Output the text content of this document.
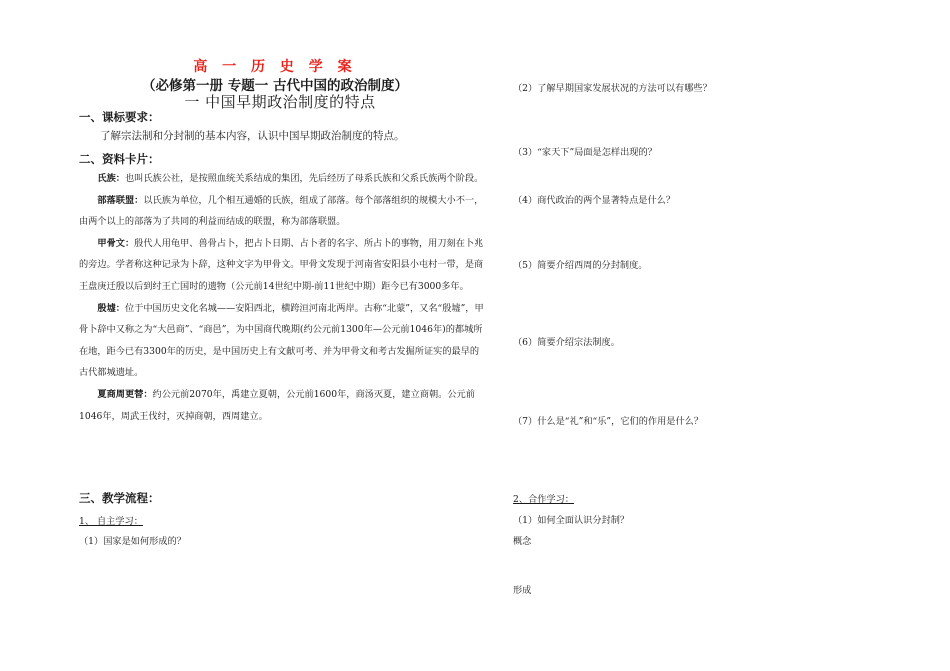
高 一 历 史 学 案
（必修第一册 专题一 古代中国的政治制度）
一 中国早期政治制度的特点
一、课标要求：
了解宗法制和分封制的基本内容，认识中国早期政治制度的特点。
二、资料卡片：

氏族：也叫氏族公社，是按照血统关系结成的集团，先后经历了母系氏族和父系氏族两个阶段。

部落联盟：以氏族为单位，几个相互通婚的氏族，组成了部落。每个部落组织的规模大小不一，由两个以上的部落为了共同的利益而结成的联盟，称为部落联盟。

甲骨文：殷代人用龟甲、兽骨占卜，把占卜日期、占卜者的名字、所占卜的事物，用刀刻在卜兆的旁边。学者称这种记录为卜辞，这种文字为甲骨文。甲骨文发现于河南省安阳县小屯村一带，是商王盘庚迁殷以后到纣王亡国时的遗物（公元前14世纪中期-前11世纪中期）距今已有3000多年。

殷墟：位于中国历史文化名城——安阳西北，横跨洹河南北两岸。古称“北蒙”，又名“殷墟”，甲骨卜辞中又称之为“大邑商”、“商邑”，为中国商代晚期(约公元前1300年—公元前1046年)的都城所在地，距今已有3300年的历史，是中国历史上有文献可考、并为甲骨文和考古发掘所证实的最早的古代都城遗址。

夏商周更替：约公元前2070年，禹建立夏朝，公元前1600年，商汤灭夏，建立商朝。公元前1046年，周武王伐纣，灭掉商朝，西周建立。

三、教学流程：
1、 自主学习：
（1）国家是如何形成的？
（2）了解早期国家发展状况的方法可以有哪些？
（3）“家天下”局面是怎样出现的？
（4）商代政治的两个显著特点是什么？
（5）简要介绍西周的分封制度。
（6）简要介绍宗法制度。
（7）什么是“礼”和“乐”，它们的作用是什么？
2、合作学习：
（1）如何全面认识分封制？
概念
形成
